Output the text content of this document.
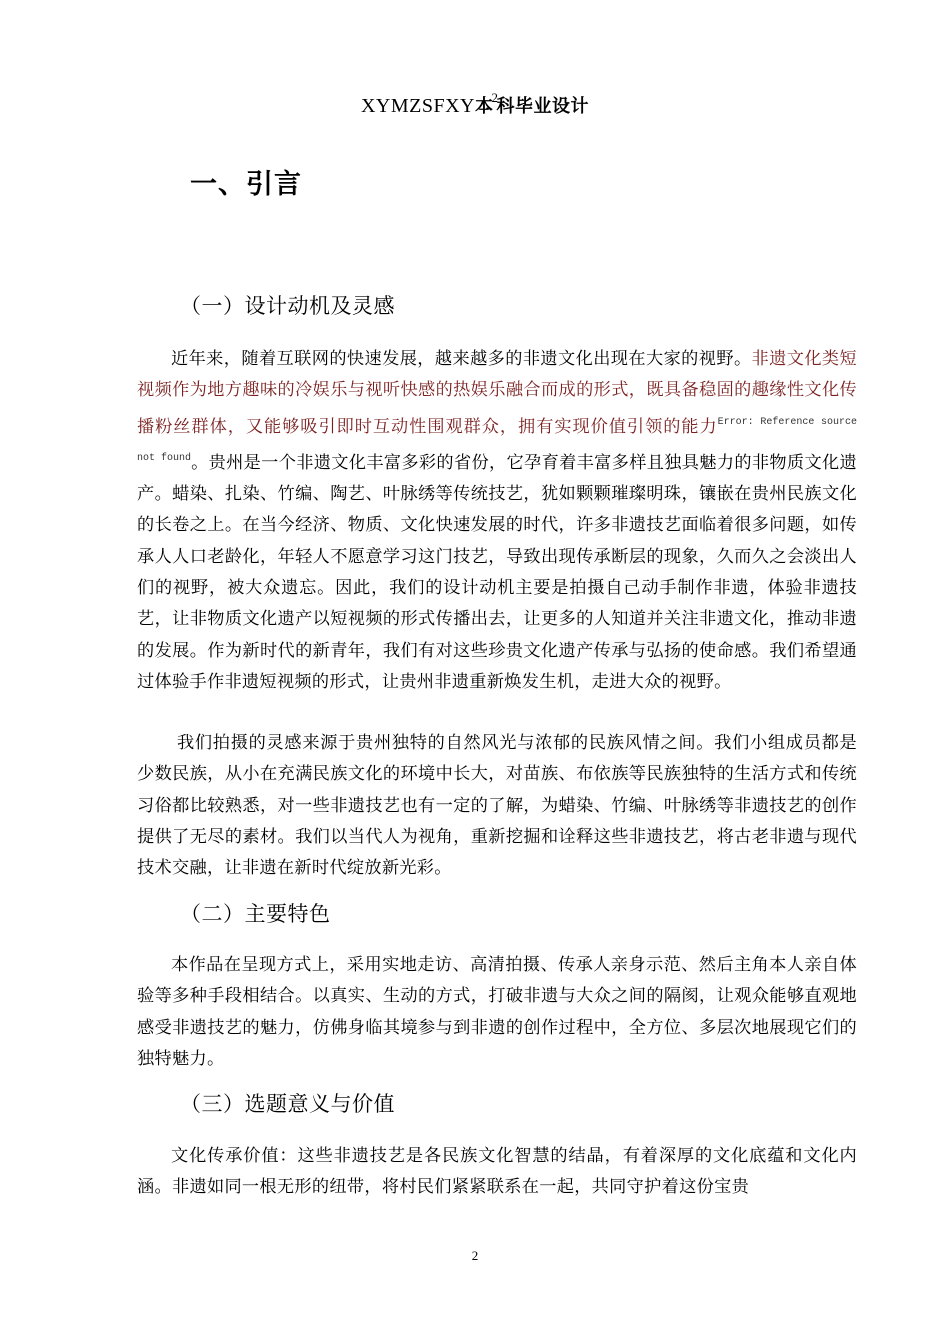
XYMZSFXY本$^2$科毕业设计
一、引言
（一）设计动机及灵感
近年来，随着互联网的快速发展，越来越多的非遗文化出现在大家的视野。非遗文化类短视频作为地方趣味的冷娱乐与视听快感的热娱乐融合而成的形式，既具备稳固的趣缘性文化传播粉丝群体，又能够吸引即时互动性围观群众，拥有实现价值引领的能力$^{Error: Reference source not found}$。贵州是一个非遗文化丰富多彩的省份，它孕育着丰富多样且独具魅力的非物质文化遗产。蜡染、扎染、竹编、陶艺、叶脉绣等传统技艺，犹如颗颗璀璨明珠，镶嵌在贵州民族文化的长卷之上。在当今经济、物质、文化快速发展的时代，许多非遗技艺面临着很多问题，如传承人人口老龄化，年轻人不愿意学习这门技艺，导致出现传承断层的现象，久而久之会淡出人们的视野，被大众遗忘。因此，我们的设计动机主要是拍摄自己动手制作非遗，体验非遗技艺，让非物质文化遗产以短视频的形式传播出去，让更多的人知道并关注非遗文化，推动非遗的发展。作为新时代的新青年，我们有对这些珍贵文化遗产传承与弘扬的使命感。我们希望通过体验手作非遗短视频的形式，让贵州非遗重新焕发生机，走进大众的视野。
我们拍摄的灵感来源于贵州独特的自然风光与浓郁的民族风情之间。我们小组成员都是少数民族，从小在充满民族文化的环境中长大，对苗族、布依族等民族独特的生活方式和传统习俗都比较熟悉，对一些非遗技艺也有一定的了解，为蜡染、竹编、叶脉绣等非遗技艺的创作提供了无尽的素材。我们以当代人为视角，重新挖掘和诠释这些非遗技艺，将古老非遗与现代技术交融，让非遗在新时代绽放新光彩。
（二）主要特色
本作品在呈现方式上，采用实地走访、高清拍摄、传承人亲身示范、然后主角本人亲自体验等多种手段相结合。以真实、生动的方式，打破非遗与大众之间的隔阂，让观众能够直观地感受非遗技艺的魅力，仿佛身临其境参与到非遗的创作过程中，全方位、多层次地展现它们的独特魅力。
（三）选题意义与价值
文化传承价值：这些非遗技艺是各民族文化智慧的结晶，有着深厚的文化底蕴和文化内涵。非遗如同一根无形的纽带，将村民们紧紧联系在一起，共同守护着这份宝贵
2
